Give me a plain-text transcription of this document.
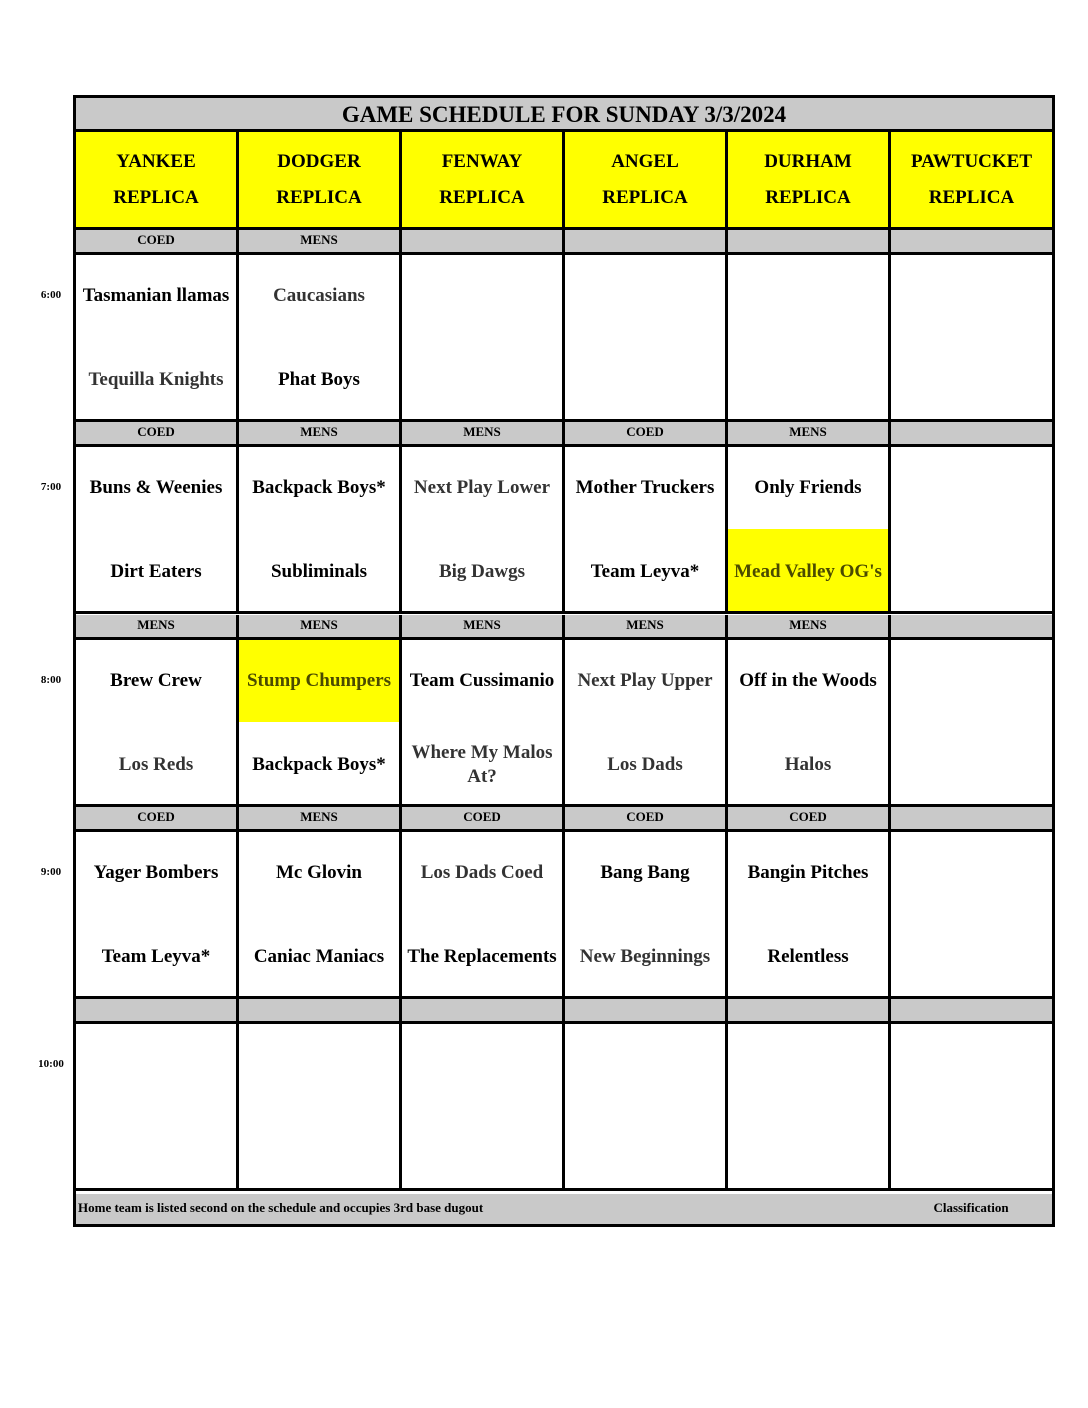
GAME SCHEDULE FOR SUNDAY 3/3/2024
YANKEE
REPLICA
DODGER
REPLICA
FENWAY
REPLICA
ANGEL
REPLICA
DURHAM
REPLICA
PAWTUCKET
REPLICA
COED
Tasmanian llamas
Tequilla Knights
MENS
Caucasians
Phat Boys
COED
Buns & Weenies
Dirt Eaters
MENS
Backpack Boys*
Subliminals
MENS
Next Play Lower
Big Dawgs
COED
Mother Truckers
Team Leyva*
MENS
Only Friends
Mead Valley OG's
MENS
Brew Crew
Los Reds
MENS
Stump Chumpers
Backpack Boys*
MENS
Team Cussimanio
Where My Malos At?
MENS
Next Play Upper
Los Dads
MENS
Off in the Woods
Halos
COED
Yager Bombers
Team Leyva*
MENS
Mc Glovin
Caniac Maniacs
COED
Los Dads Coed
The Replacements
COED
Bang Bang
New Beginnings
COED
Bangin Pitches
Relentless
Home team is listed second on the schedule and occupies 3rd base dugout	Classification
6:00
7:00
8:00
9:00
10:00
